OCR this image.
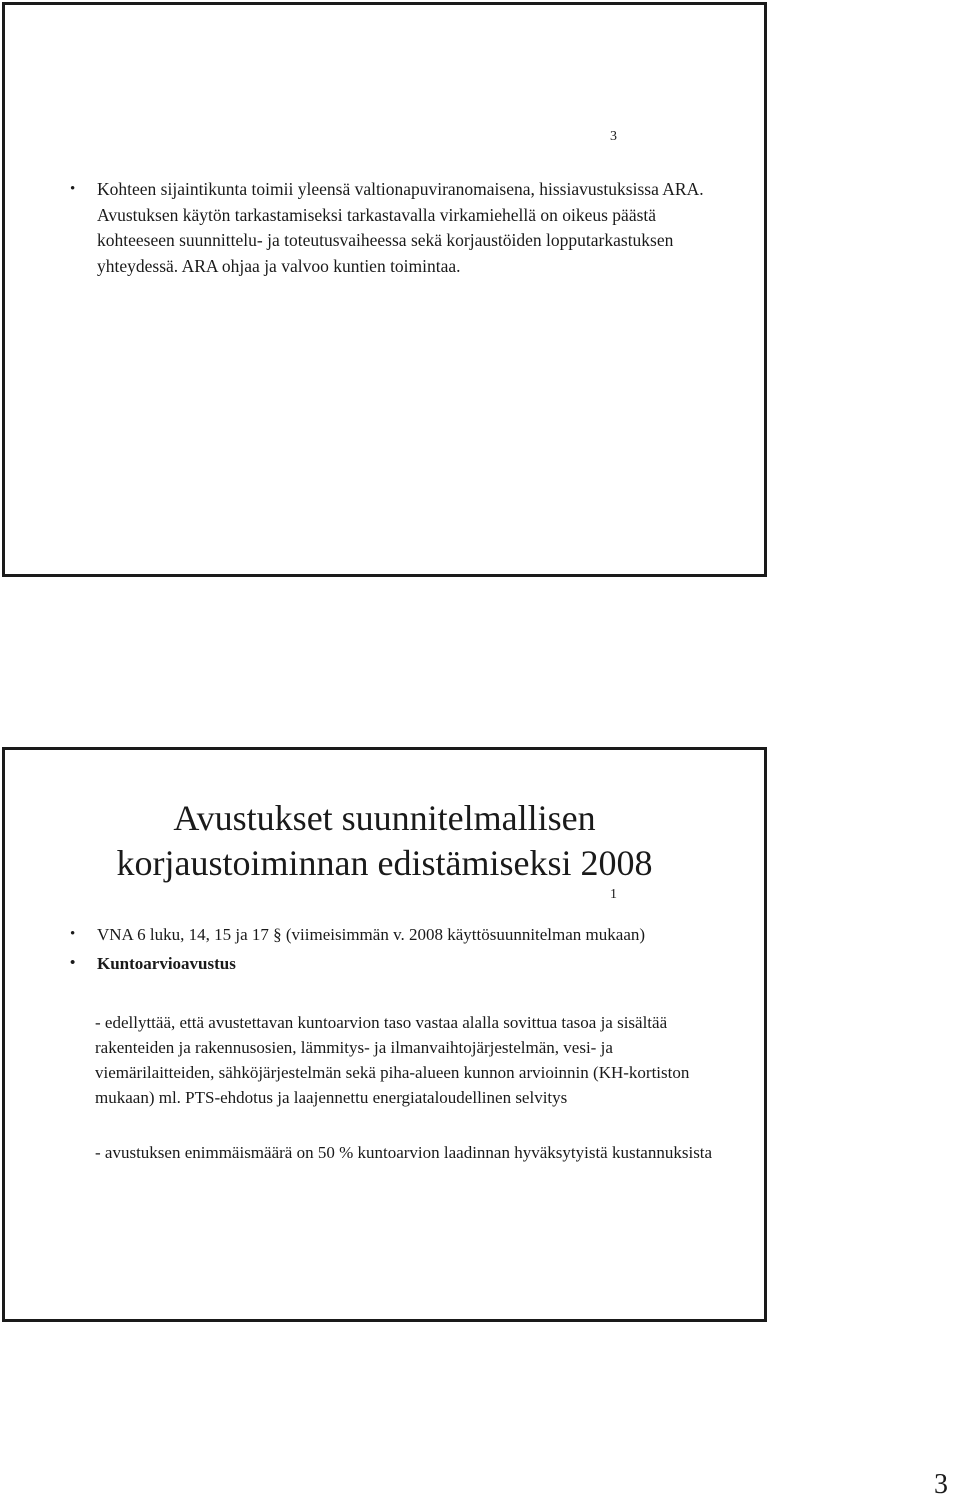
3
• Kohteen sijaintikunta toimii yleensä valtionapuviranomaisena, hissiavustuksissa ARA. Avustuksen käytön tarkastamiseksi tarkastavalla virkamiehellä on oikeus päästä kohteeseen suunnittelu- ja toteutusvaiheessa sekä korjaustöiden lopputarkastuksen yhteydessä. ARA ohjaa ja valvoo kuntien toimintaa.
Avustukset suunnitelmallisen
korjaustoiminnan edistämiseksi 2008
1
• VNA 6 luku, 14, 15 ja 17 § (viimeisimmän v. 2008 käyttösuunnitelman mukaan)
• Kuntoarvioavustus

- edellyttää, että avustettavan kuntoarvion taso vastaa alalla sovittua tasoa ja sisältää rakenteiden ja rakennusosien, lämmitys- ja ilmanvaihtojärjestelmän, vesi- ja viemärilaitteiden, sähköjärjestelmän sekä piha-alueen kunnon arvioinnin (KH-kortiston mukaan) ml. PTS-ehdotus ja laajennettu energiataloudellinen selvitys

- avustuksen enimmäismäärä on 50 % kuntoarvion laadinnan hyväksytyistä kustannuksista

3
